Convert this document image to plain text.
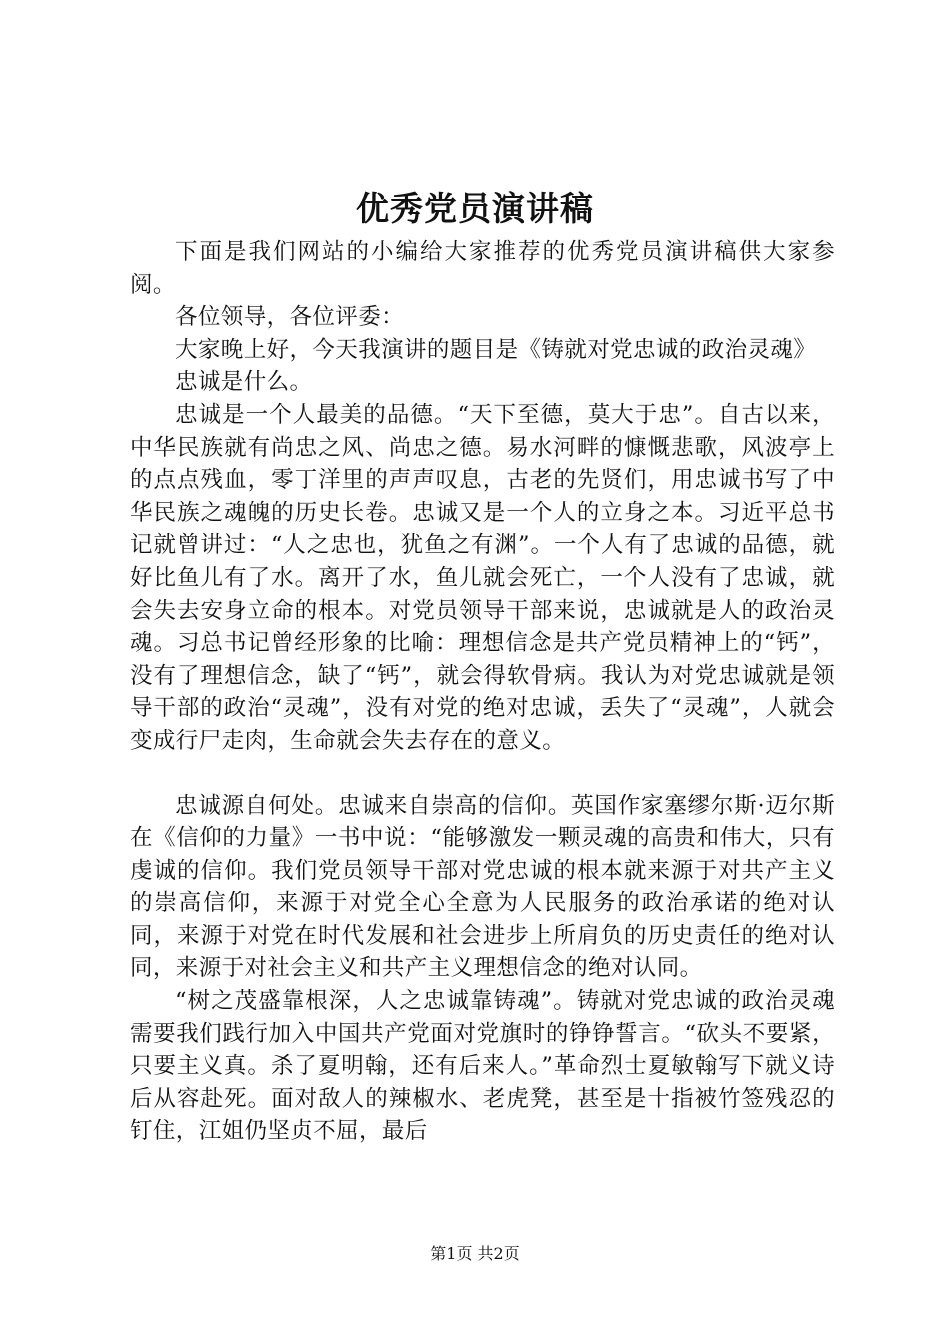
优秀党员演讲稿

下面是我们网站的小编给大家推荐的优秀党员演讲稿供大家参阅。

各位领导，各位评委：

大家晚上好，今天我演讲的题目是《铸就对党忠诚的政治灵魂》

忠诚是什么。

忠诚是一个人最美的品德。“天下至德，莫大于忠”。自古以来，中华民族就有尚忠之风、尚忠之德。易水河畔的慷慨悲歌，风波亭上的点点残血，零丁洋里的声声叹息，古老的先贤们，用忠诚书写了中华民族之魂魄的历史长卷。忠诚又是一个人的立身之本。习近平总书记就曾讲过：“人之忠也，犹鱼之有渊”。一个人有了忠诚的品德，就好比鱼儿有了水。离开了水，鱼儿就会死亡，一个人没有了忠诚，就会失去安身立命的根本。对党员领导干部来说，忠诚就是人的政治灵魂。习总书记曾经形象的比喻：理想信念是共产党员精神上的“钙”，没有了理想信念，缺了“钙”，就会得软骨病。我认为对党忠诚就是领导干部的政治“灵魂”，没有对党的绝对忠诚，丢失了“灵魂”，人就会变成行尸走肉，生命就会失去存在的意义。

忠诚源自何处。忠诚来自崇高的信仰。英国作家塞缪尔斯·迈尔斯在《信仰的力量》一书中说：“能够激发一颗灵魂的高贵和伟大，只有虔诚的信仰。我们党员领导干部对党忠诚的根本就来源于对共产主义的崇高信仰，来源于对党全心全意为人民服务的政治承诺的绝对认同，来源于对党在时代发展和社会进步上所肩负的历史责任的绝对认同，来源于对社会主义和共产主义理想信念的绝对认同。

“树之茂盛靠根深，人之忠诚靠铸魂”。铸就对党忠诚的政治灵魂需要我们践行加入中国共产党面对党旗时的铮铮誓言。“砍头不要紧，只要主义真。杀了夏明翰，还有后来人。”革命烈士夏敏翰写下就义诗后从容赴死。面对敌人的辣椒水、老虎凳，甚至是十指被竹签残忍的钉住，江姐仍坚贞不屈，最后

第1页 共2页
